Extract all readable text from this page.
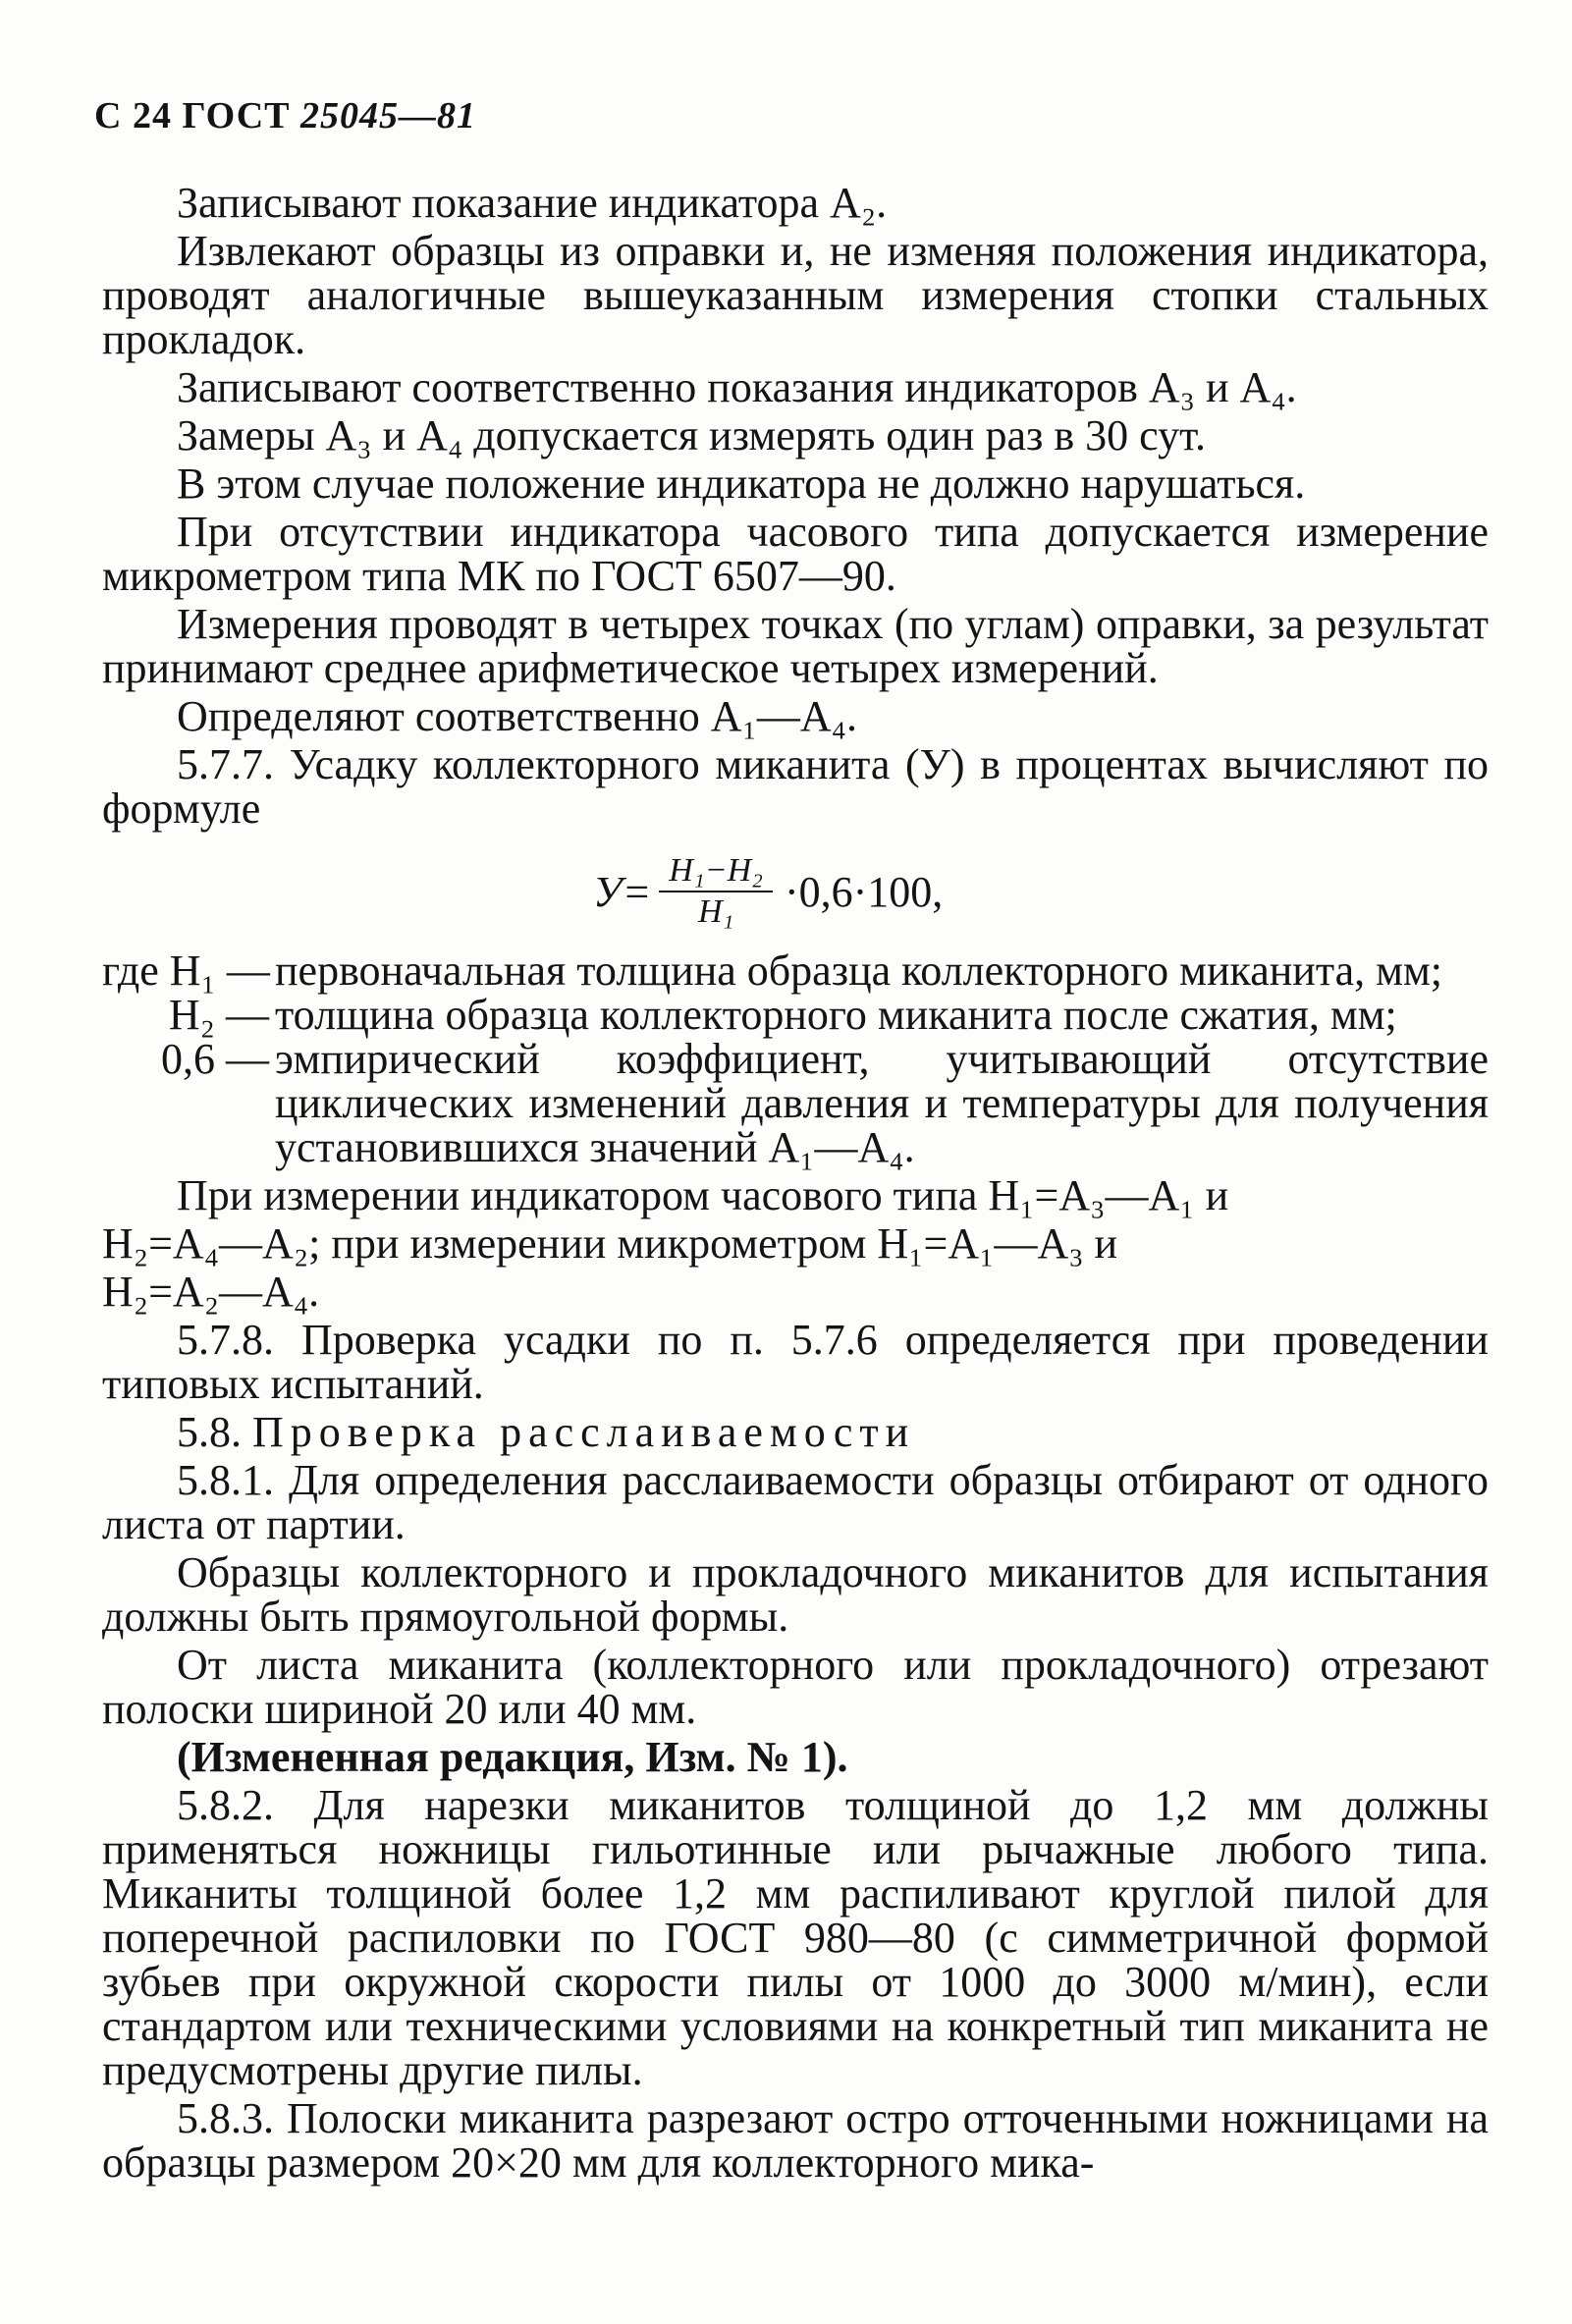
С 24 ГОСТ 25045—81

Записывают показание индикатора A₂.

Извлекают образцы из оправки и, не изменяя положения индикатора, проводят аналогичные вышеуказанным измерения стопки стальных прокладок.

Записывают соответственно показания индикаторов A₃ и A₄.

Замеры A₃ и A₄ допускается измерять один раз в 30 сут.

В этом случае положение индикатора не должно нарушаться.

При отсутствии индикатора часового типа допускается измерение микрометром типа МК по ГОСТ 6507—90.

Измерения проводят в четырех точках (по углам) оправки, за результат принимают среднее арифметическое четырех измерений.

Определяют соответственно A₁—A₄.

5.7.7. Усадку коллекторного миканита (У) в процентах вычисляют по формуле

$У= \frac{\text{H₁−H₂}}{\text{H₁}} \cdot 0,6\cdot 100$,
где H₁ — первоначальная толщина образца коллекторного миканита, мм;
H₂ — толщина образца коллекторного миканита после сжатия, мм;
0,6 — эмпирический коэффициент, учитывающий отсутствие циклических изменений давления и температуры для получения установившихся значений A₁—A₄.

При измерении индикатором часового типа H₁=A₃—A₁ и

H₂=A₄—A₂; при измерении микрометром H₁=A₁—A₃ и

H₂=A₂—A₄.

5.7.8. Проверка усадки по п. 5.7.6 определяется при проведении типовых испытаний.

5.8. Проверка расслаиваемости

5.8.1. Для определения расслаиваемости образцы отбирают от одного листа от партии.

Образцы коллекторного и прокладочного миканитов для испытания должны быть прямоугольной формы.

От листа миканита (коллекторного или прокладочного) отрезают полоски шириной 20 или 40 мм.

(Измененная редакция, Изм. № 1).

5.8.2. Для нарезки миканитов толщиной до 1,2 мм должны применяться ножницы гильотинные или рычажные любого типа. Миканиты толщиной более 1,2 мм распиливают круглой пилой для поперечной распиловки по ГОСТ 980—80 (с симметричной формой зубьев при окружной скорости пилы от 1000 до 3000 м/мин), если стандартом или техническими условиями на конкретный тип миканита не предусмотрены другие пилы.

5.8.3. Полоски миканита разрезают остро отточенными ножницами на образцы размером 20×20 мм для коллекторного мика-
